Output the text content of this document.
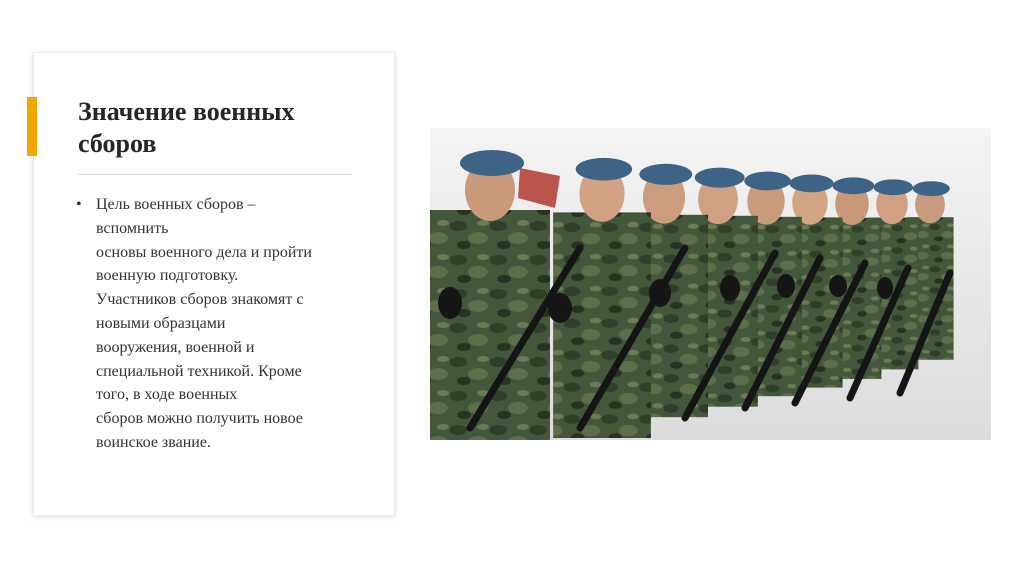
Значение военных
сборов
• Цель военных сборов –
вспомнить
основы военного дела и пройти
военную подготовку.
Участников сборов знакомят с
новыми образцами
вооружения, военной и
специальной техникой. Кроме
того, в ходе военных
сборов можно получить новое
воинское звание.
